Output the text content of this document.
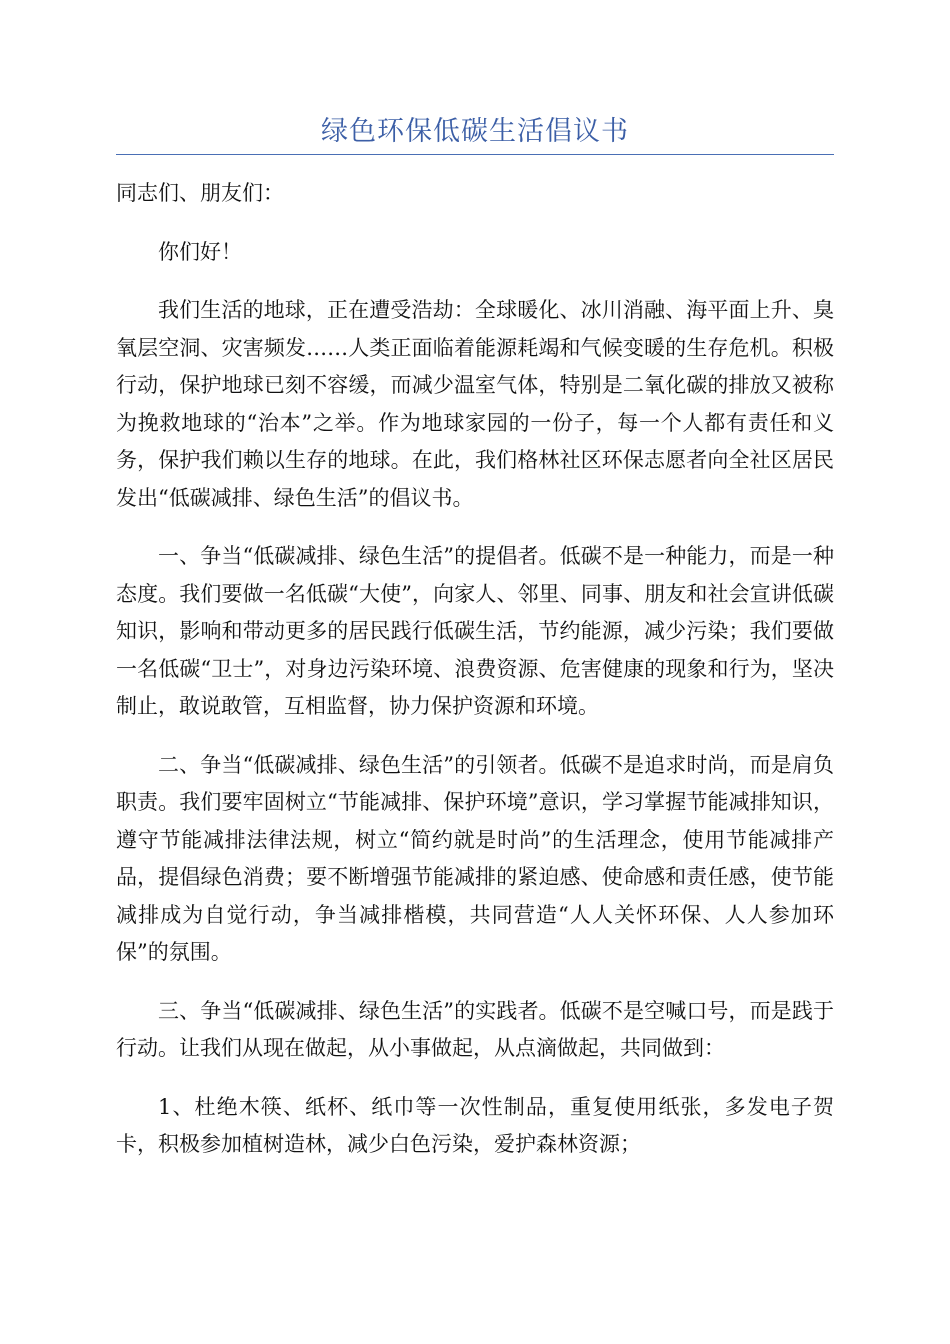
绿色环保低碳生活倡议书

同志们、朋友们：

你们好！

我们生活的地球，正在遭受浩劫：全球暖化、冰川消融、海平面上升、臭氧层空洞、灾害频发……人类正面临着能源耗竭和气候变暖的生存危机。积极行动，保护地球已刻不容缓，而减少温室气体，特别是二氧化碳的排放又被称为挽救地球的“治本”之举。作为地球家园的一份子，每一个人都有责任和义务，保护我们赖以生存的地球。在此，我们格林社区环保志愿者向全社区居民发出“低碳减排、绿色生活”的倡议书。

一、争当“低碳减排、绿色生活”的提倡者。低碳不是一种能力，而是一种态度。我们要做一名低碳“大使”，向家人、邻里、同事、朋友和社会宣讲低碳知识，影响和带动更多的居民践行低碳生活，节约能源，减少污染；我们要做一名低碳“卫士”，对身边污染环境、浪费资源、危害健康的现象和行为，坚决制止，敢说敢管，互相监督，协力保护资源和环境。

二、争当“低碳减排、绿色生活”的引领者。低碳不是追求时尚，而是肩负职责。我们要牢固树立“节能减排、保护环境”意识，学习掌握节能减排知识，遵守节能减排法律法规，树立“简约就是时尚”的生活理念，使用节能减排产品，提倡绿色消费；要不断增强节能减排的紧迫感、使命感和责任感，使节能减排成为自觉行动，争当减排楷模，共同营造“人人关怀环保、人人参加环保”的氛围。

三、争当“低碳减排、绿色生活”的实践者。低碳不是空喊口号，而是践于行动。让我们从现在做起，从小事做起，从点滴做起，共同做到：

1、杜绝木筷、纸杯、纸巾等一次性制品，重复使用纸张，多发电子贺卡，积极参加植树造林，减少白色污染，爱护森林资源；
